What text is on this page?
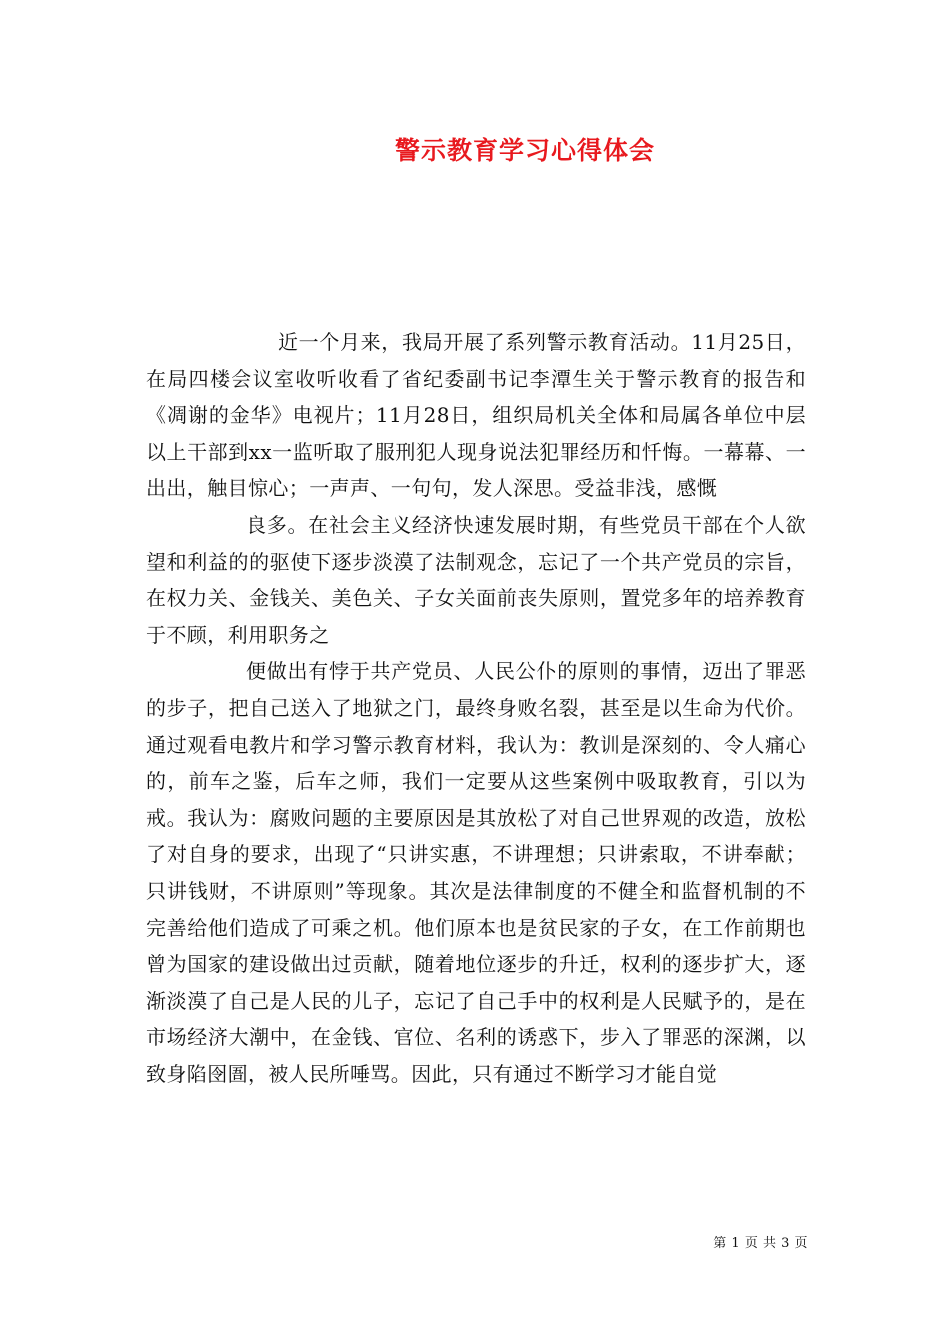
警示教育学习心得体会

近一个月来，我局开展了系列警示教育活动。11月25日，在局四楼会议室收听收看了省纪委副书记李潭生关于警示教育的报告和《凋谢的金华》电视片；11月28日，组织局机关全体和局属各单位中层以上干部到xx一监听取了服刑犯人现身说法犯罪经历和忏悔。一幕幕、一出出，触目惊心；一声声、一句句，发人深思。受益非浅，感慨

良多。在社会主义经济快速发展时期，有些党员干部在个人欲望和利益的的驱使下逐步淡漠了法制观念，忘记了一个共产党员的宗旨，在权力关、金钱关、美色关、子女关面前丧失原则，置党多年的培养教育于不顾，利用职务之

便做出有悖于共产党员、人民公仆的原则的事情，迈出了罪恶的步子，把自己送入了地狱之门，最终身败名裂，甚至是以生命为代价。通过观看电教片和学习警示教育材料，我认为：教训是深刻的、令人痛心的，前车之鉴，后车之师，我们一定要从这些案例中吸取教育，引以为戒。我认为：腐败问题的主要原因是其放松了对自己世界观的改造，放松了对自身的要求，出现了“只讲实惠，不讲理想；只讲索取，不讲奉献；只讲钱财，不讲原则”等现象。其次是法律制度的不健全和监督机制的不完善给他们造成了可乘之机。他们原本也是贫民家的子女，在工作前期也曾为国家的建设做出过贡献，随着地位逐步的升迁，权利的逐步扩大，逐渐淡漠了自己是人民的儿子，忘记了自己手中的权利是人民赋予的，是在市场经济大潮中，在金钱、官位、名利的诱惑下，步入了罪恶的深渊，以致身陷囹圄，被人民所唾骂。因此，只有通过不断学习才能自觉

第 1 页 共 3 页
